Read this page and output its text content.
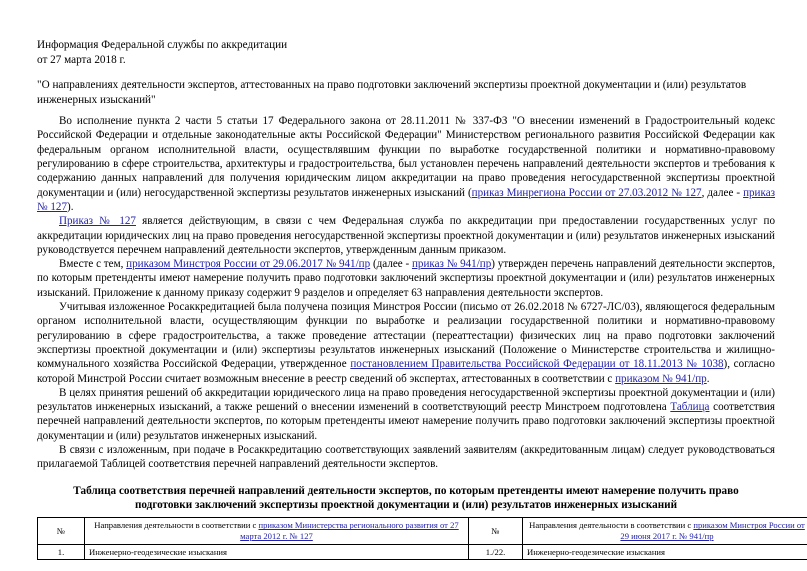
Информация Федеральной службы по аккредитации
от 27 марта 2018 г.
"О направлениях деятельности экспертов, аттестованных на право подготовки заключений экспертизы проектной документации и (или) результатов инженерных изысканий"

Во исполнение пункта 2 части 5 статьи 17 Федерального закона от 28.11.2011 № 337-ФЗ "О внесении изменений в Градостроительный кодекс Российской Федерации и отдельные законодательные акты Российской Федерации" Министерством регионального развития Российской Федерации как федеральным органом исполнительной власти, осуществлявшим функции по выработке государственной политики и нормативно-правовому регулированию в сфере строительства, архитектуры и градостроительства, был установлен перечень направлений деятельности экспертов и требования к содержанию данных направлений для получения юридическим лицом аккредитации на право проведения негосударственной экспертизы проектной документации и (или) негосударственной экспертизы результатов инженерных изысканий (приказ Минрегиона России от 27.03.2012 № 127, далее - приказ № 127).

Приказ № 127 является действующим, в связи с чем Федеральная служба по аккредитации при предоставлении государственных услуг по аккредитации юридических лиц на право проведения негосударственной экспертизы проектной документации и (или) результатов инженерных изысканий руководствуется перечнем направлений деятельности экспертов, утвержденным данным приказом.

Вместе с тем, приказом Минстроя России от 29.06.2017 № 941/пр (далее - приказ № 941/пр) утвержден перечень направлений деятельности экспертов, по которым претенденты имеют намерение получить право подготовки заключений экспертизы проектной документации и (или) результатов инженерных изысканий. Приложение к данному приказу содержит 9 разделов и определяет 63 направления деятельности экспертов.

Учитывая изложенное Росаккредитацией была получена позиция Минстроя России (письмо от 26.02.2018 № 6727-ЛС/03), являющегося федеральным органом исполнительной власти, осуществляющим функции по выработке и реализации государственной политики и нормативно-правовому регулированию в сфере градостроительства, а также проведение аттестации (переаттестации) физических лиц на право подготовки заключений экспертизы проектной документации и (или) экспертизы результатов инженерных изысканий (Положение о Министерстве строительства и жилищно-коммунального хозяйства Российской Федерации, утвержденное постановлением Правительства Российской Федерации от 18.11.2013 № 1038), согласно которой Минстрой России считает возможным внесение в реестр сведений об экспертах, аттестованных в соответствии с приказом № 941/пр.

В целях принятия решений об аккредитации юридического лица на право проведения негосударственной экспертизы проектной документации и (или) результатов инженерных изысканий, а также решений о внесении изменений в соответствующий реестр Минстроем подготовлена Таблица соответствия перечней направлений деятельности экспертов, по которым претенденты имеют намерение получить право подготовки заключений экспертизы проектной документации и (или) результатов инженерных изысканий.

В связи с изложенным, при подаче в Росаккредитацию соответствующих заявлений заявителям (аккредитованным лицам) следует руководствоваться прилагаемой Таблицей соответствия перечней направлений деятельности экспертов.

Таблица соответствия перечней направлений деятельности экспертов, по которым претенденты имеют намерение получить право подготовки заключений экспертизы проектной документации и (или) результатов инженерных изысканий
№	Направления деятельности в соответствии с приказом Министерства регионального развития от 27 марта 2012 г. № 127	№	Направления деятельности в соответствии с приказом Минстроя России от 29 июня 2017 г. № 941/пр
1.	Инженерно-геодезические изыскания	1./22.	Инженерно-геодезические изыскания
